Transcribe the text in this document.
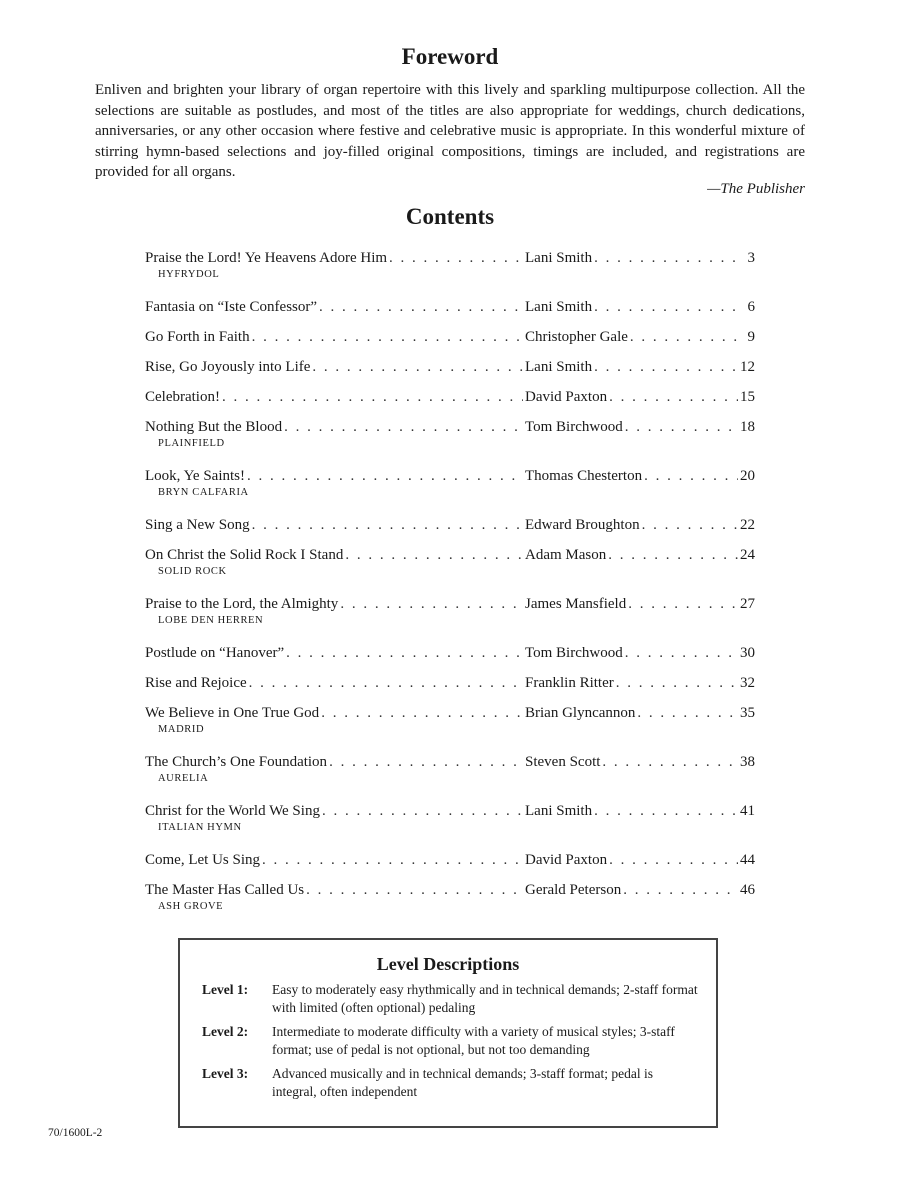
Foreword
Enliven and brighten your library of organ repertoire with this lively and sparkling multipurpose collection. All the selections are suitable as postludes, and most of the titles are also appropriate for weddings, church dedications, anniversaries, or any other occasion where festive and celebrative music is appropriate. In this wonderful mixture of stirring hymn-based selections and joy-filled original compositions, timings are included, and registrations are provided for all organs.
—The Publisher
Contents
Praise the Lord! Ye Heavens Adore Him . . .	Lani Smith . . .	3
HYFRYDOL
Fantasia on “Iste Confessor” . . .	Lani Smith . . .	6
Go Forth in Faith . . .	Christopher Gale . . .	9
Rise, Go Joyously into Life . . .	Lani Smith . . .	12
Celebration! . . .	David Paxton . . .	15
Nothing But the Blood . . .	Tom Birchwood . . .	18
PLAINFIELD
Look, Ye Saints! . . .	Thomas Chesterton . . .	20
BRYN CALFARIA
Sing a New Song . . .	Edward Broughton . . .	22
On Christ the Solid Rock I Stand . . .	Adam Mason . . .	24
SOLID ROCK
Praise to the Lord, the Almighty . . .	James Mansfield . . .	27
LOBE DEN HERREN
Postlude on “Hanover” . . .	Tom Birchwood . . .	30
Rise and Rejoice . . .	Franklin Ritter . . .	32
We Believe in One True God . . .	Brian Glyncannon . . .	35
MADRID
The Church’s One Foundation . . .	Steven Scott . . .	38
AURELIA
Christ for the World We Sing . . .	Lani Smith . . .	41
ITALIAN HYMN
Come, Let Us Sing . . .	David Paxton . . .	44
The Master Has Called Us . . .	Gerald Peterson . . .	46
ASH GROVE
Level Descriptions
Level 1:	Easy to moderately easy rhythmically and in technical demands; 2-staff format with limited (often optional) pedaling
Level 2:	Intermediate to moderate difficulty with a variety of musical styles; 3-staff format; use of pedal is not optional, but not too demanding
Level 3:	Advanced musically and in technical demands; 3-staff format; pedal is integral, often independent
70/1600L-2
